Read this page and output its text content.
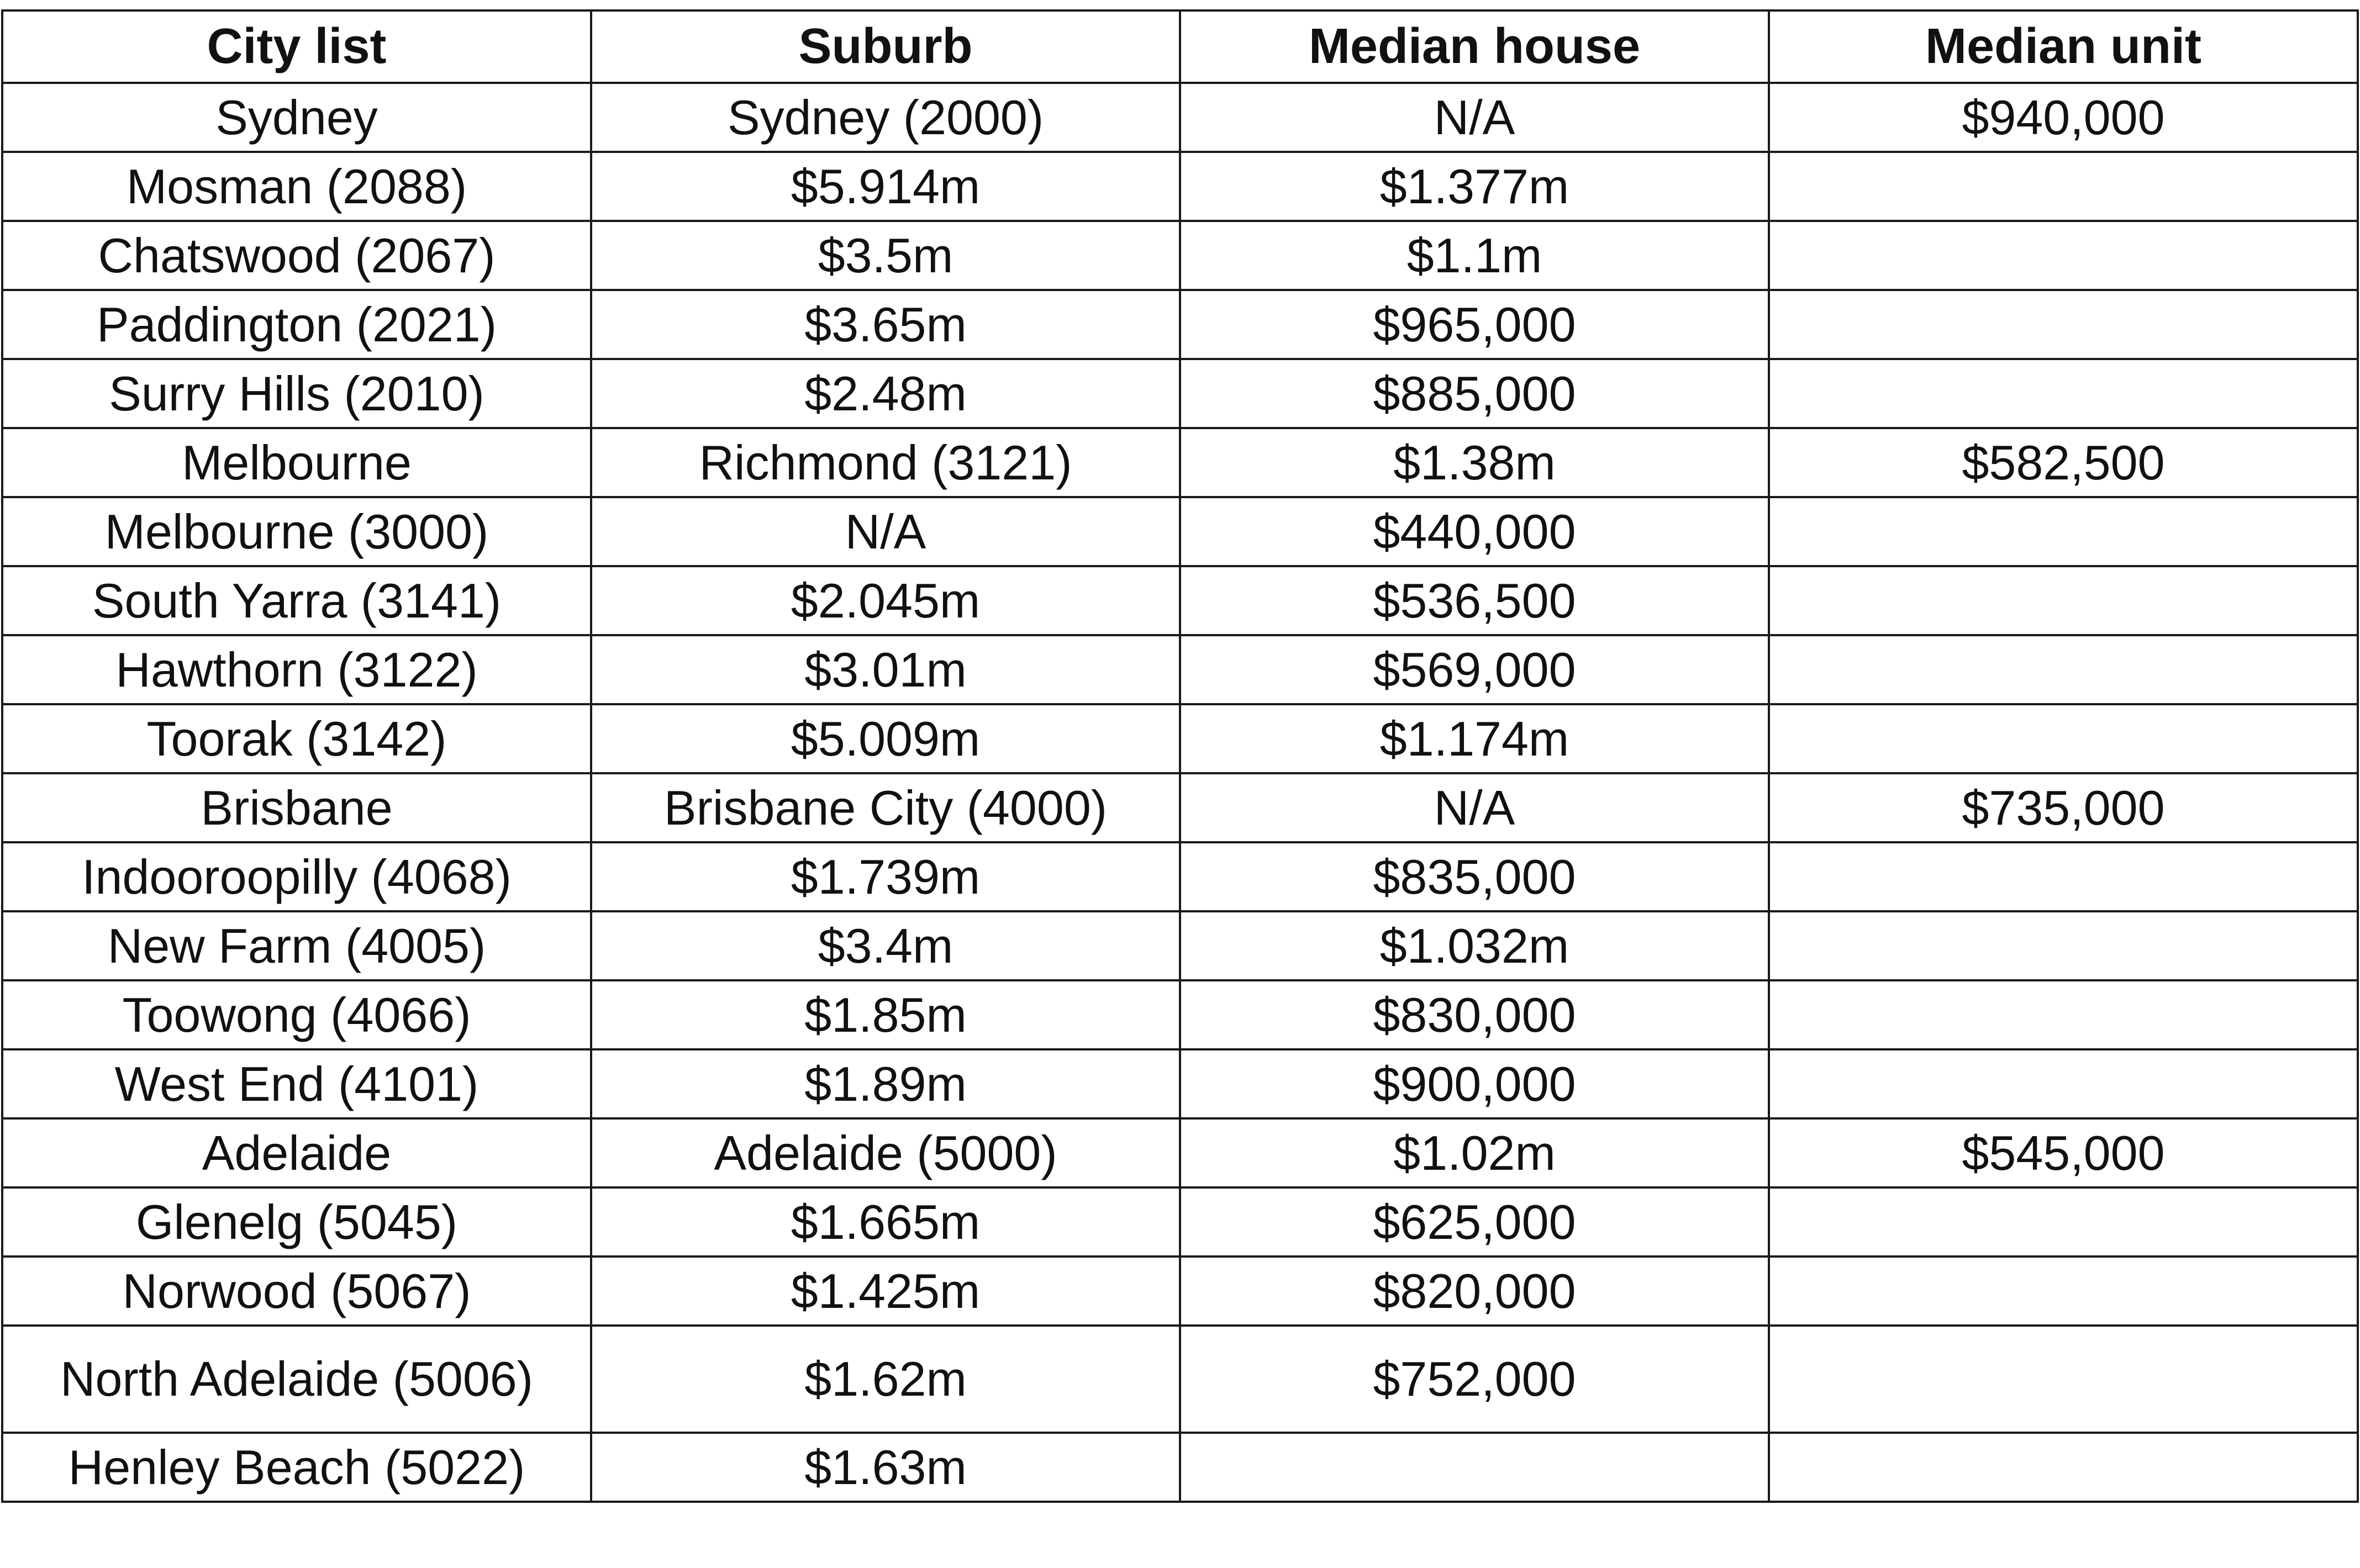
City list	Suburb	Median house	Median unit
Sydney	Sydney (2000)	N/A	$940,000
Mosman (2088)	$5.914m	$1.377m	
Chatswood (2067)	$3.5m	$1.1m	
Paddington (2021)	$3.65m	$965,000	
Surry Hills (2010)	$2.48m	$885,000	
Melbourne	Richmond (3121)	$1.38m	$582,500
Melbourne (3000)	N/A	$440,000	
South Yarra (3141)	$2.045m	$536,500	
Hawthorn (3122)	$3.01m	$569,000	
Toorak (3142)	$5.009m	$1.174m	
Brisbane	Brisbane City (4000)	N/A	$735,000
Indooroopilly (4068)	$1.739m	$835,000	
New Farm (4005)	$3.4m	$1.032m	
Toowong (4066)	$1.85m	$830,000	
West End (4101)	$1.89m	$900,000	
Adelaide	Adelaide (5000)	$1.02m	$545,000
Glenelg (5045)	$1.665m	$625,000	
Norwood (5067)	$1.425m	$820,000	
North Adelaide (5006)	$1.62m	$752,000	
Henley Beach (5022)	$1.63m		
